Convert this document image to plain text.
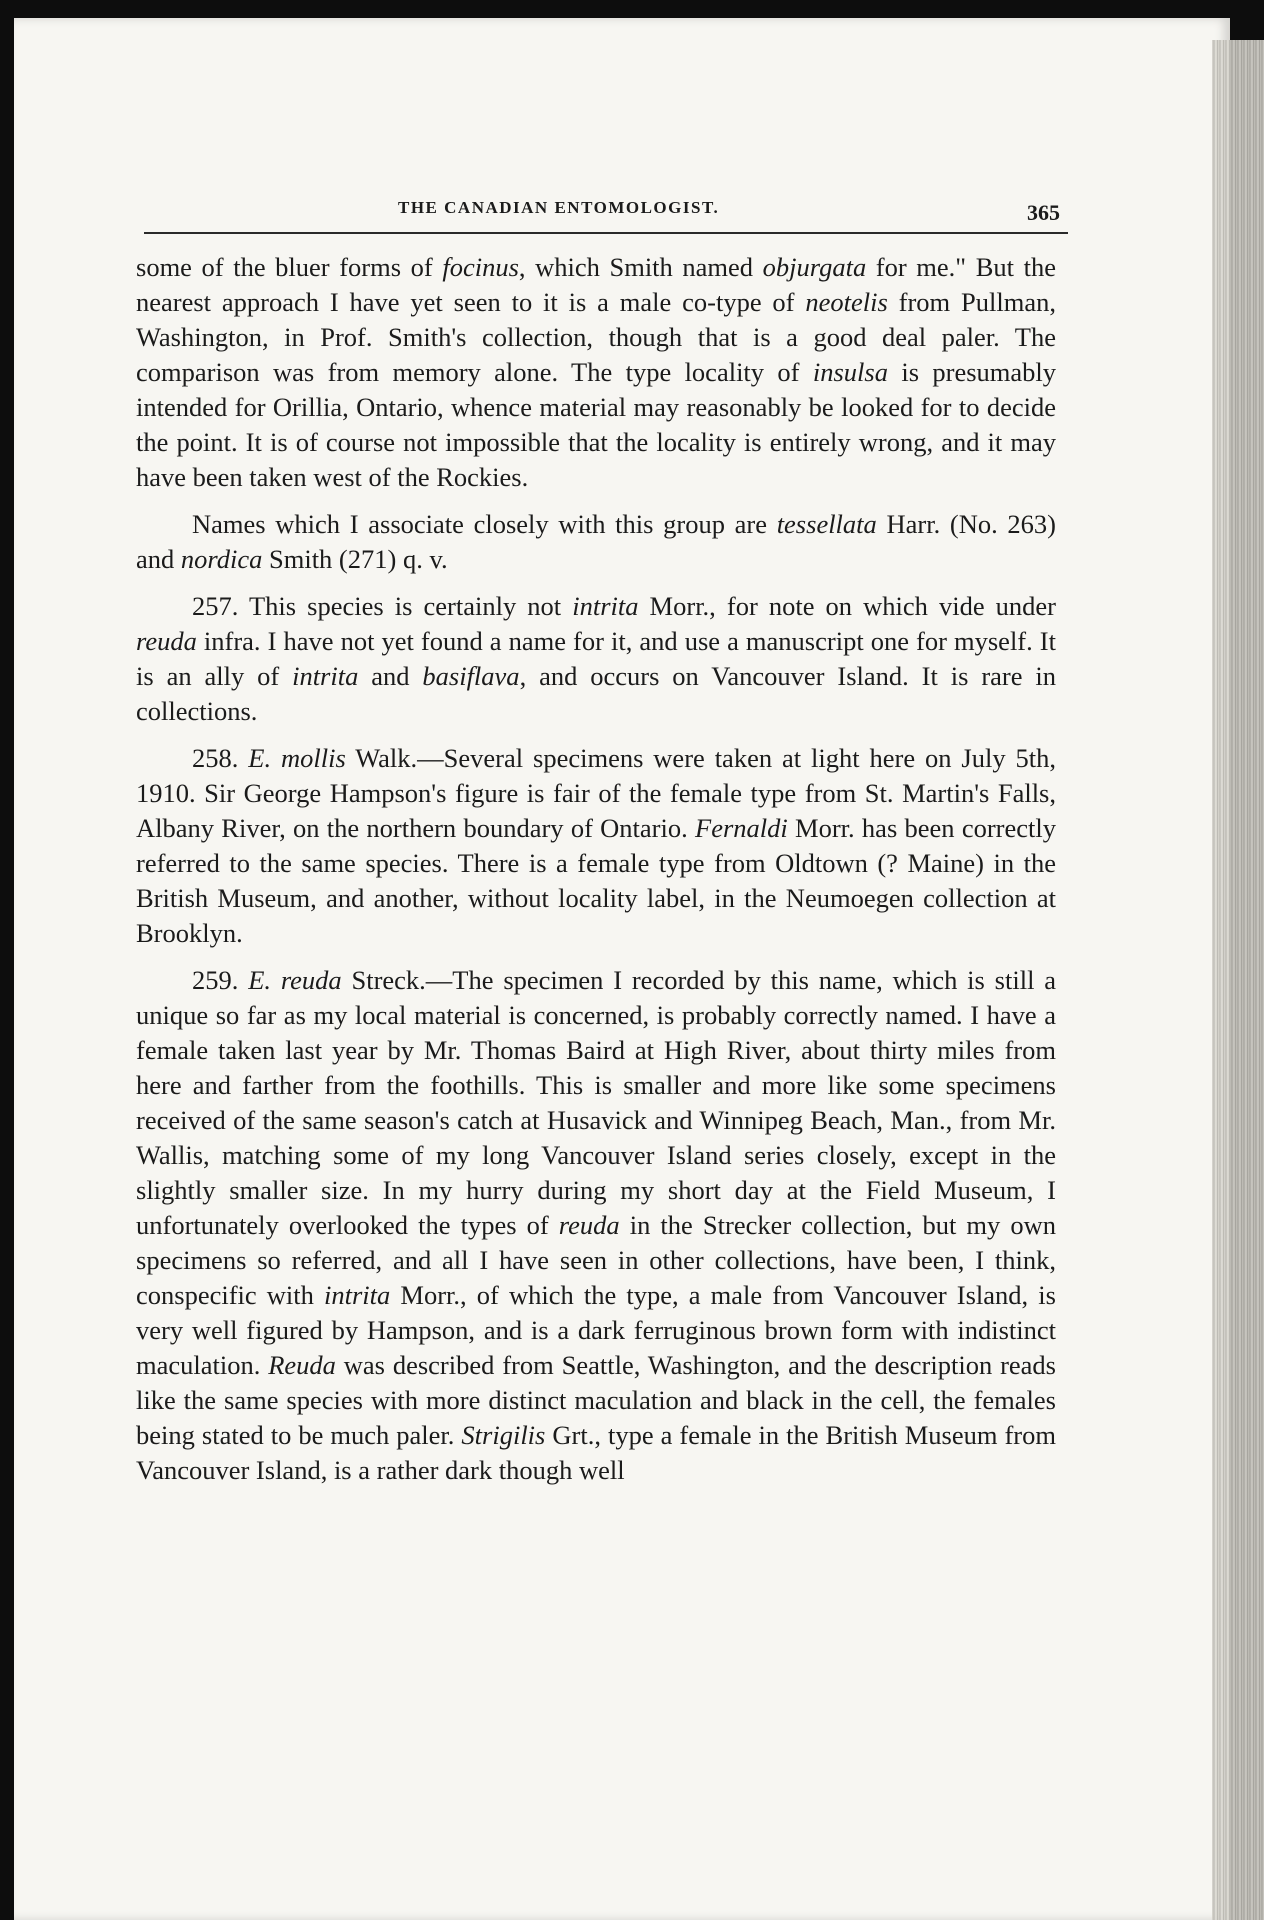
THE CANADIAN ENTOMOLOGIST.	365

some of the bluer forms of focinus, which Smith named objurgata for me." But the nearest approach I have yet seen to it is a male co-type of neotelis from Pullman, Washington, in Prof. Smith's collection, though that is a good deal paler. The comparison was from memory alone. The type locality of insulsa is presumably intended for Orillia, Ontario, whence material may reasonably be looked for to decide the point. It is of course not impossible that the locality is entirely wrong, and it may have been taken west of the Rockies.

Names which I associate closely with this group are tessellata Harr. (No. 263) and nordica Smith (271) q. v.

257. This species is certainly not intrita Morr., for note on which vide under reuda infra. I have not yet found a name for it, and use a manuscript one for myself. It is an ally of intrita and basiflava, and occurs on Vancouver Island. It is rare in collections.

258. E. mollis Walk.—Several specimens were taken at light here on July 5th, 1910. Sir George Hampson's figure is fair of the female type from St. Martin's Falls, Albany River, on the northern boundary of Ontario. Fernaldi Morr. has been correctly referred to the same species. There is a female type from Oldtown (? Maine) in the British Museum, and another, without locality label, in the Neumoegen collection at Brooklyn.

259. E. reuda Streck.—The specimen I recorded by this name, which is still a unique so far as my local material is concerned, is probably correctly named. I have a female taken last year by Mr. Thomas Baird at High River, about thirty miles from here and farther from the foothills. This is smaller and more like some specimens received of the same season's catch at Husavick and Winnipeg Beach, Man., from Mr. Wallis, matching some of my long Vancouver Island series closely, except in the slightly smaller size. In my hurry during my short day at the Field Museum, I unfortunately overlooked the types of reuda in the Strecker collection, but my own specimens so referred, and all I have seen in other collections, have been, I think, conspecific with intrita Morr., of which the type, a male from Vancouver Island, is very well figured by Hampson, and is a dark ferruginous brown form with indistinct maculation. Reuda was described from Seattle, Washington, and the description reads like the same species with more distinct maculation and black in the cell, the females being stated to be much paler. Strigilis Grt., type a female in the British Museum from Vancouver Island, is a rather dark though well
